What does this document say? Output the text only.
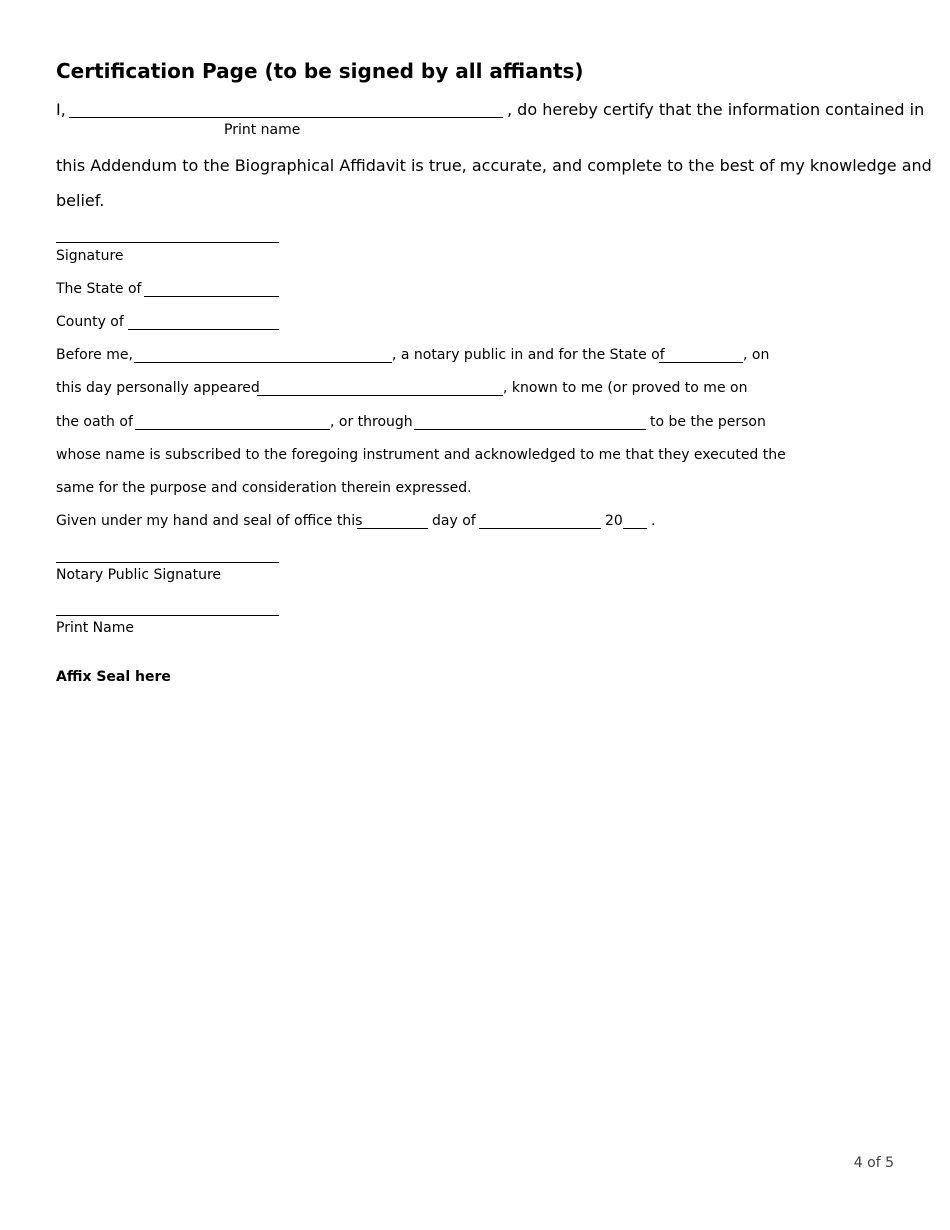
Certification Page (to be signed by all affiants)
I,	, do hereby certify that the information contained in
Print name
this Addendum to the Biographical Affidavit is true, accurate, and complete to the best of my knowledge and
belief.
Signature
The State of
County of
Before me,	, a notary public in and for the State of	, on
this day personally appeared	, known to me (or proved to me on
the oath of	, or through	to be the person
whose name is subscribed to the foregoing instrument and acknowledged to me that they executed the
same for the purpose and consideration therein expressed.
Given under my hand and seal of office this	day of	20 .
Notary Public Signature
Print Name
Affix Seal here
4 of 5
